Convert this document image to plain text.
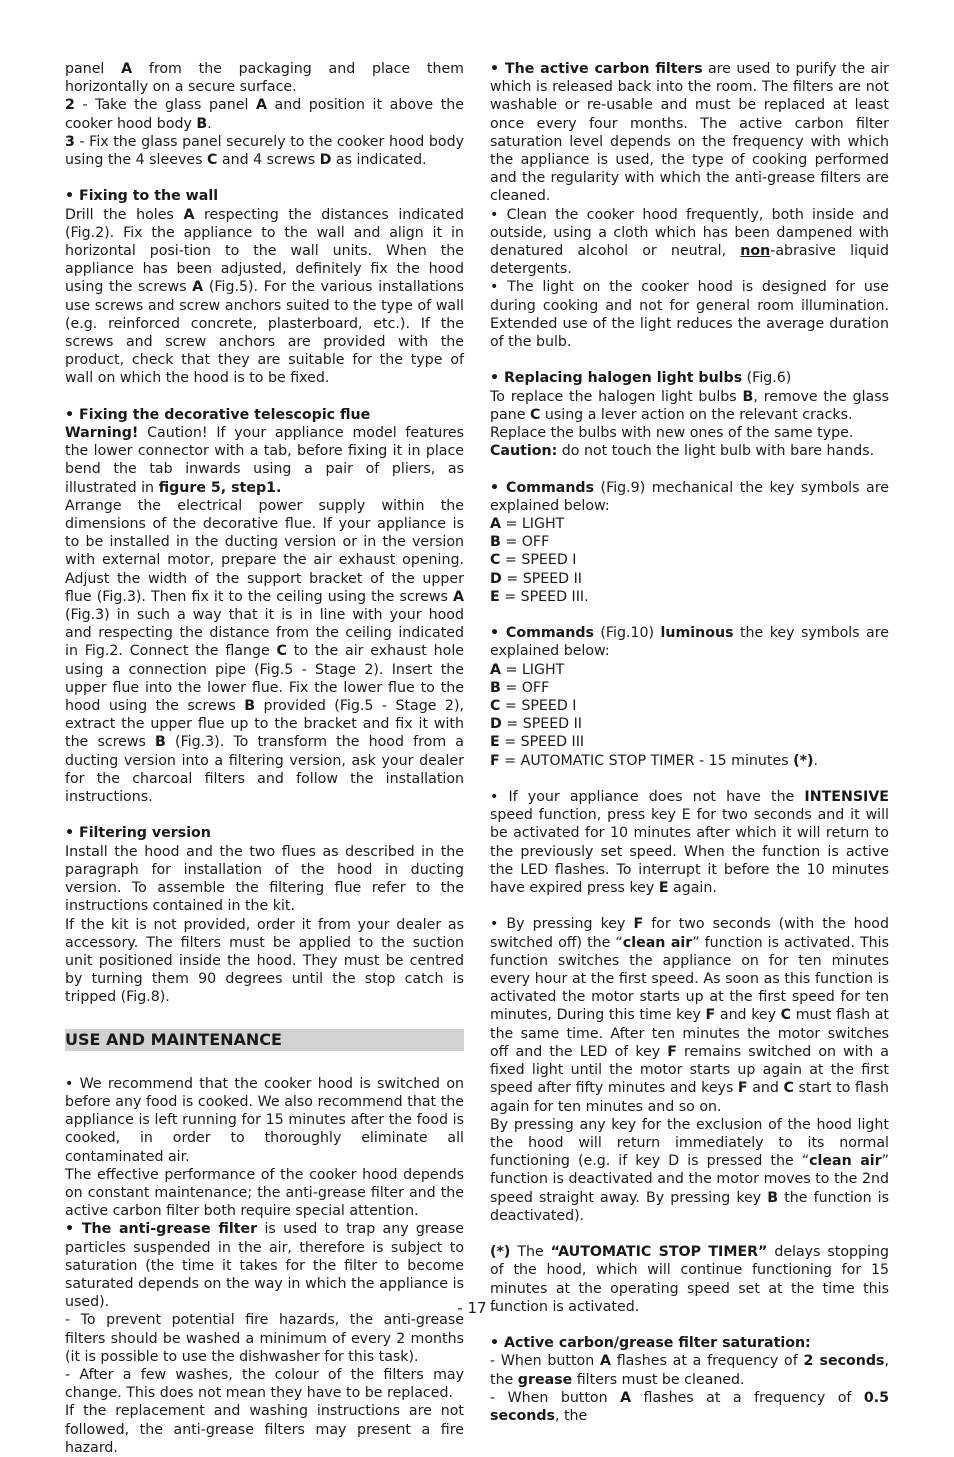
panel A from the packaging and place them horizontally on a secure surface.

2 - Take the glass panel A and position it above the cooker hood body B.

3 - Fix the glass panel securely to the cooker hood body using the 4 sleeves C and 4 screws D as indicated.

• Fixing to the wall

Drill the holes A respecting the distances indicated (Fig.2). Fix the appliance to the wall and align it in horizontal posi-tion to the wall units. When the appliance has been adjusted, definitely fix the hood using the screws A (Fig.5). For the various installations use screws and screw anchors suited to the type of wall (e.g. reinforced concrete, plasterboard, etc.). If the screws and screw anchors are provided with the product, check that they are suitable for the type of wall on which the hood is to be fixed.

• Fixing the decorative telescopic flue

Warning! Caution! If your appliance model features the lower connector with a tab, before fixing it in place bend the tab inwards using a pair of pliers, as illustrated in figure 5, step1.

Arrange the electrical power supply within the dimensions of the decorative flue. If your appliance is to be installed in the ducting version or in the version with external motor, prepare the air exhaust opening. Adjust the width of the support bracket of the upper flue (Fig.3). Then fix it to the ceiling using the screws A (Fig.3) in such a way that it is in line with your hood and respecting the distance from the ceiling indicated in Fig.2. Connect the flange C to the air exhaust hole using a connection pipe (Fig.5 - Stage 2). Insert the upper flue into the lower flue. Fix the lower flue to the hood using the screws B provided (Fig.5 - Stage 2), extract the upper flue up to the bracket and fix it with the screws B (Fig.3). To transform the hood from a ducting version into a filtering version, ask your dealer for the charcoal filters and follow the installation instructions.

• Filtering version

Install the hood and the two flues as described in the paragraph for installation of the hood in ducting version. To assemble the filtering flue refer to the instructions contained in the kit.

If the kit is not provided, order it from your dealer as accessory. The filters must be applied to the suction unit positioned inside the hood. They must be centred by turning them 90 degrees until the stop catch is tripped (Fig.8).

USE AND MAINTENANCE

• We recommend that the cooker hood is switched on before any food is cooked. We also recommend that the appliance is left running for 15 minutes after the food is cooked, in order to thoroughly eliminate all contaminated air.

The effective performance of the cooker hood depends on constant maintenance; the anti-grease filter and the active carbon filter both require special attention.

• The anti-grease filter is used to trap any grease particles suspended in the air, therefore is subject to saturation (the time it takes for the filter to become saturated depends on the way in which the appliance is used).

- To prevent potential fire hazards, the anti-grease filters should be washed a minimum of every 2 months (it is possible to use the dishwasher for this task).

- After a few washes, the colour of the filters may change. This does not mean they have to be replaced.

If the replacement and washing instructions are not followed, the anti-grease filters may present a fire hazard.

• The active carbon filters are used to purify the air which is released back into the room. The filters are not washable or re-usable and must be replaced at least once every four months. The active carbon filter saturation level depends on the frequency with which the appliance is used, the type of cooking performed and the regularity with which the anti-grease filters are cleaned.

• Clean the cooker hood frequently, both inside and outside, using a cloth which has been dampened with denatured alcohol or neutral, non-abrasive liquid detergents.

• The light on the cooker hood is designed for use during cooking and not for general room illumination. Extended use of the light reduces the average duration of the bulb.

• Replacing halogen light bulbs (Fig.6)

To replace the halogen light bulbs B, remove the glass pane C using a lever action on the relevant cracks.

Replace the bulbs with new ones of the same type.

Caution: do not touch the light bulb with bare hands.

• Commands (Fig.9) mechanical the key symbols are explained below:

A = LIGHT

B = OFF

C = SPEED I

D = SPEED II

E = SPEED III.

• Commands (Fig.10) luminous the key symbols are explained below:

A = LIGHT

B = OFF

C = SPEED I

D = SPEED II

E = SPEED III

F = AUTOMATIC STOP TIMER - 15 minutes (*).

• If your appliance does not have the INTENSIVE speed function, press key E for two seconds and it will be activated for 10 minutes after which it will return to the previously set speed. When the function is active the LED flashes. To interrupt it before the 10 minutes have expired press key E again.

• By pressing key F for two seconds (with the hood switched off) the “clean air” function is activated. This function switches the appliance on for ten minutes every hour at the first speed. As soon as this function is activated the motor starts up at the first speed for ten minutes, During this time key F and key C must flash at the same time. After ten minutes the motor switches off and the LED of key F remains switched on with a fixed light until the motor starts up again at the first speed after fifty minutes and keys F and C start to flash again for ten minutes and so on.

By pressing any key for the exclusion of the hood light the hood will return immediately to its normal functioning (e.g. if key D is pressed the “clean air” function is deactivated and the motor moves to the 2nd speed straight away. By pressing key B the function is deactivated).

(*) The “AUTOMATIC STOP TIMER” delays stopping of the hood, which will continue functioning for 15 minutes at the operating speed set at the time this function is activated.

• Active carbon/grease filter saturation:

- When button A flashes at a frequency of 2 seconds, the grease filters must be cleaned.

- When button A flashes at a frequency of 0.5 seconds, the

- 17 -
